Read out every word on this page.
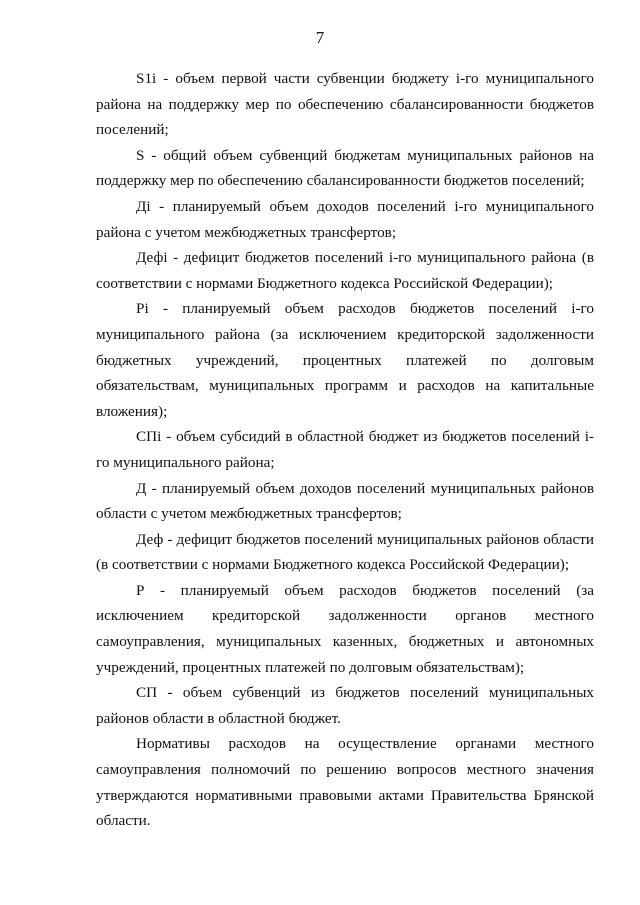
7

S1i - объем первой части субвенции бюджету i-го муниципального района на поддержку мер по обеспечению сбалансированности бюджетов поселений;

S - общий объем субвенций бюджетам муниципальных районов на поддержку мер по обеспечению сбалансированности бюджетов поселений;

Дi - планируемый объем доходов поселений i-го муниципального района с учетом межбюджетных трансфертов;

Дефi - дефицит бюджетов поселений i-го муниципального района (в соответствии с нормами Бюджетного кодекса Российской Федерации);

Рi - планируемый объем расходов бюджетов поселений i-го муниципального района (за исключением кредиторской задолженности бюджетных учреждений, процентных платежей по долговым обязательствам, муниципальных программ и расходов на капитальные вложения);

СПi - объем субсидий в областной бюджет из бюджетов поселений i-го муниципального района;

Д - планируемый объем доходов поселений муниципальных районов области с учетом межбюджетных трансфертов;

Деф - дефицит бюджетов поселений муниципальных районов области (в соответствии с нормами Бюджетного кодекса Российской Федерации);

Р - планируемый объем расходов бюджетов поселений (за исключением кредиторской задолженности органов местного самоуправления, муниципальных казенных, бюджетных и автономных учреждений, процентных платежей по долговым обязательствам);

СП - объем субвенций из бюджетов поселений муниципальных районов области в областной бюджет.

Нормативы расходов на осуществление органами местного самоуправления полномочий по решению вопросов местного значения утверждаются нормативными правовыми актами Правительства Брянской области.
